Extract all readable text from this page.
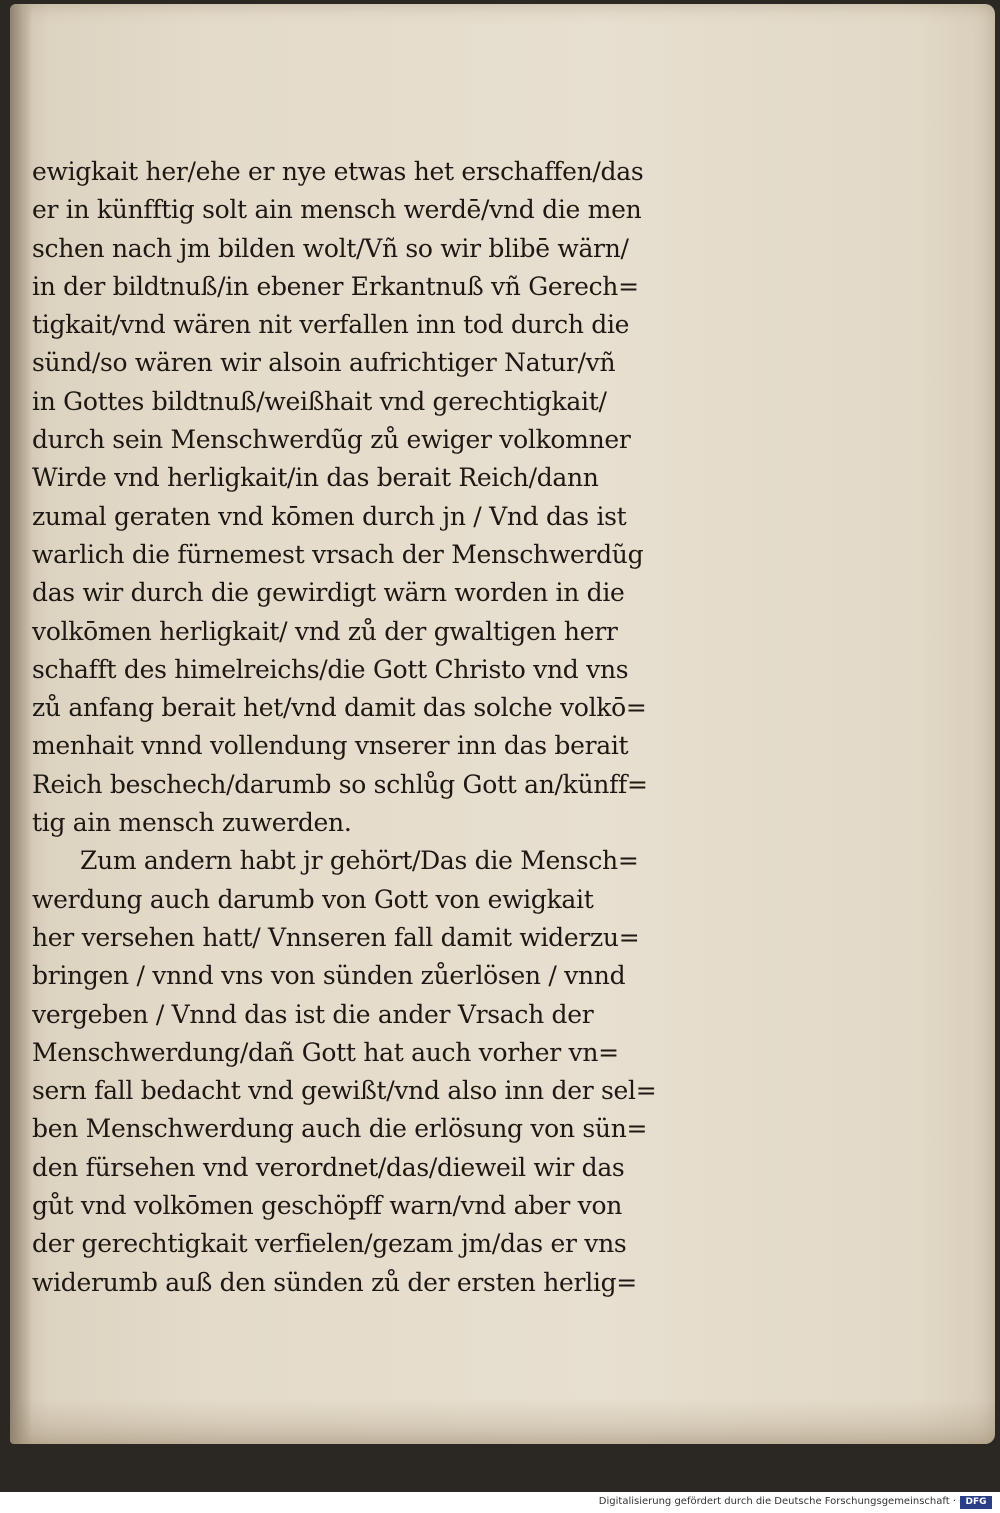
ewigkait her/ehe er nye etwas het erschaffen/das
er in künfftig solt ain mensch werdē/vnd die men
schen nach jm bilden wolt/Vñ so wir blibē wärn/
in der bildtnuß/in ebener Erkantnuß vñ Gerech=
tigkait/vnd wären nit verfallen inn tod durch die
sünd/so wären wir alsoin aufrichtiger Natur/vñ
in Gottes bildtnuß/weißhait vnd gerechtigkait/
durch sein Menschwerdũg zů ewiger volkomner
Wirde vnd herligkait/in das berait Reich/dann
zumal geraten vnd kōmen durch jn / Vnd das ist
warlich die fürnemest vrsach der Menschwerdũg
das wir durch die gewirdigt wärn worden in die
volkōmen herligkait/ vnd zů der gwaltigen herr
schafft des himelreichs/die Gott Christo vnd vns
zů anfang berait het/vnd damit das solche volkō=
menhait vnnd vollendung vnserer inn das berait
Reich beschech/darumb so schlůg Gott an/künff=
tig ain mensch zuwerden.
Zum andern habt jr gehört/Das die Mensch=
werdung auch darumb von Gott von ewigkait
her versehen hatt/ Vnnseren fall damit widerzu=
bringen / vnnd vns von sünden zůerlösen / vnnd
vergeben / Vnnd das ist die ander Vrsach der
Menschwerdung/dañ Gott hat auch vorher vn=
sern fall bedacht vnd gewißt/vnd also inn der sel=
ben Menschwerdung auch die erlösung von sün=
den fürsehen vnd verordnet/das/dieweil wir das
gůt vnd volkōmen geschöpff warn/vnd aber von
der gerechtigkait verfielen/gezam jm/das er vns
widerumb auß den sünden zů der ersten herlig=
Digitalisierung gefördert durch die Deutsche Forschungsgemeinschaft ·	DFG
